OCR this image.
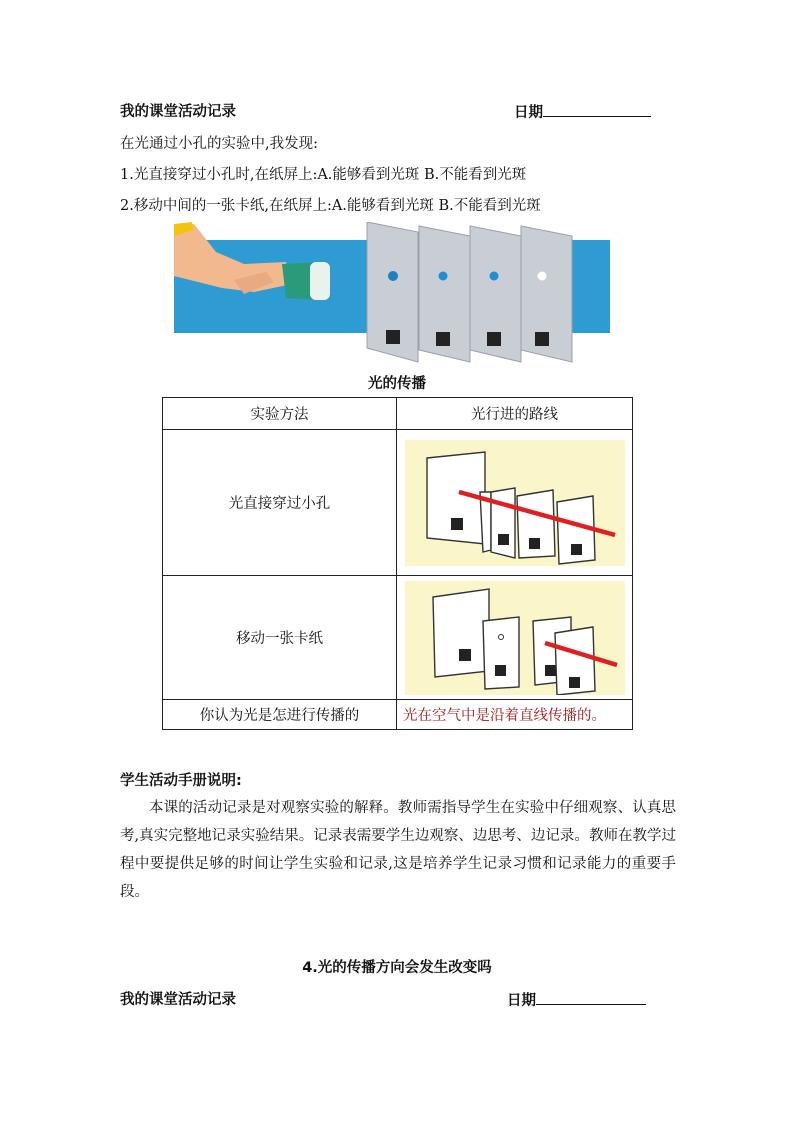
我的课堂活动记录	日期
在光通过小孔的实验中,我发现:
1.光直接穿过小孔时,在纸屏上:A.能够看到光斑 B.不能看到光斑
2.移动中间的一张卡纸,在纸屏上:A.能够看到光斑 B.不能看到光斑
光的传播
实验方法	光行进的路线
光直接穿过小孔	

移动一张卡纸	

你认为光是怎进行传播的	光在空气中是沿着直线传播的。
学生活动手册说明:
本课的活动记录是对观察实验的解释。教师需指导学生在实验中仔细观察、认真思考,真实完整地记录实验结果。记录表需要学生边观察、边思考、边记录。教师在教学过程中要提供足够的时间让学生实验和记录,这是培养学生记录习惯和记录能力的重要手段。
4.光的传播方向会发生改变吗
我的课堂活动记录	日期
